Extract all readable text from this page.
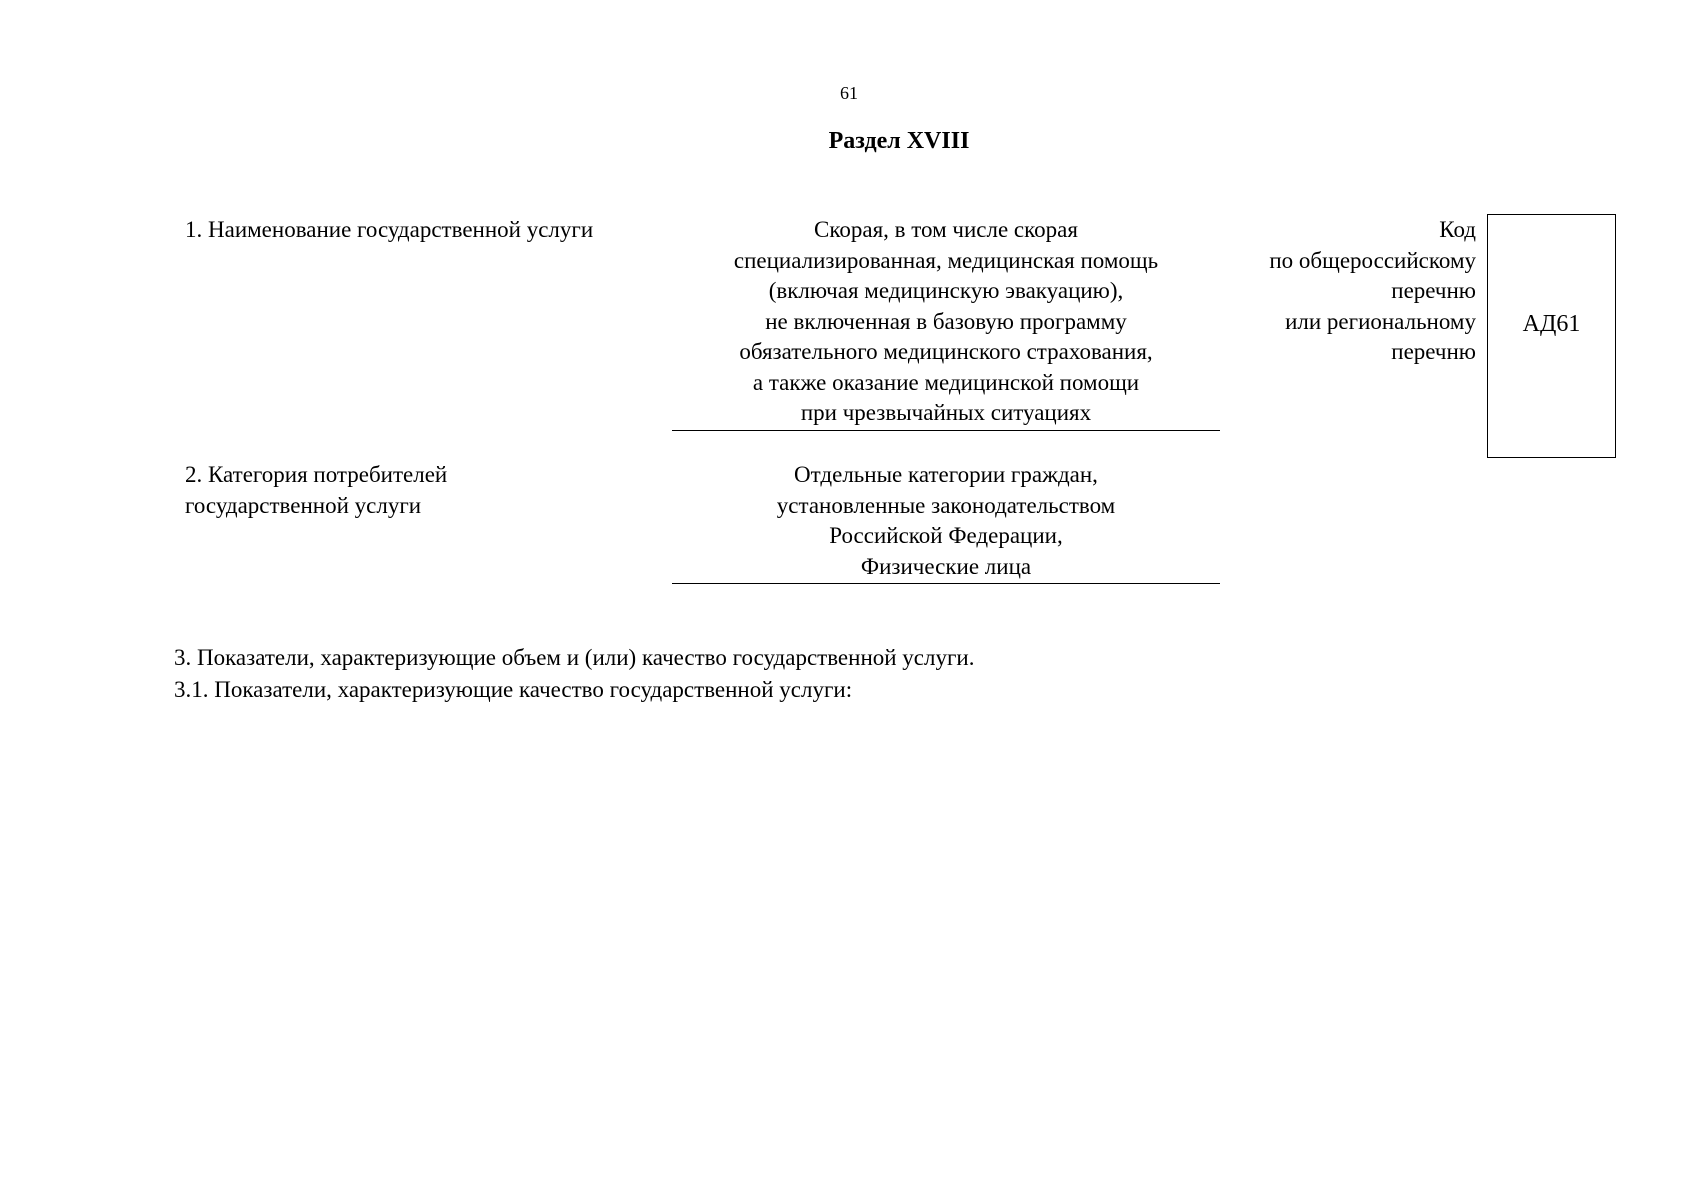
61
Раздел XVIII
1. Наименование государственной услуги	Скорая, в том числе скорая
специализированная, медицинская помощь
(включая медицинскую эвакуацию),
не включенная в базовую программу
обязательного медицинского страхования,
а также оказание медицинской помощи
при чрезвычайных ситуациях
Код
по общероссийскому
перечню
или региональному
перечню
АД61
2. Категория потребителей
государственной услуги
Отдельные категории граждан,
установленные законодательством
Российской Федерации,
Физические лица
3. Показатели, характеризующие объем и (или) качество государственной услуги.
3.1. Показатели, характеризующие качество государственной услуги:
